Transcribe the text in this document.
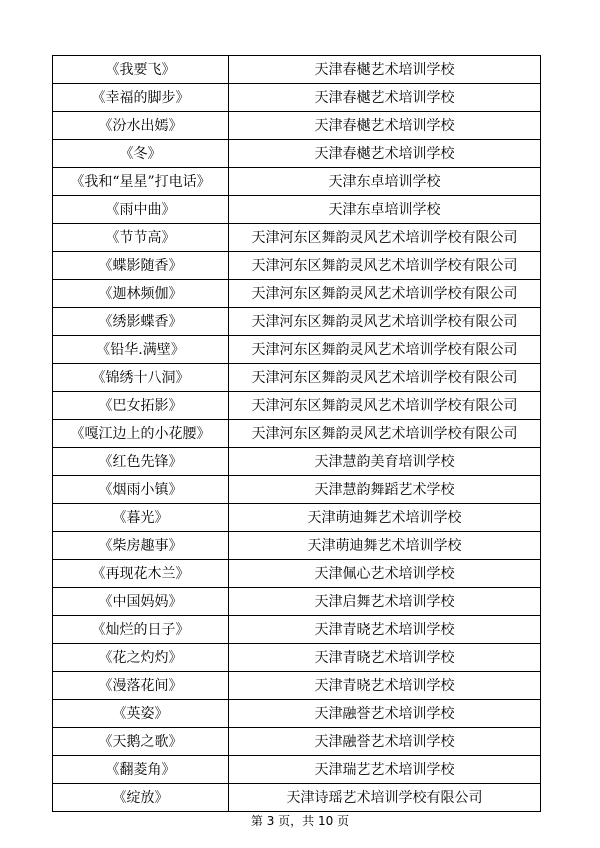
《我要飞》	天津春樾艺术培训学校
《幸福的脚步》	天津春樾艺术培训学校
《汾水出嫣》	天津春樾艺术培训学校
《冬》	天津春樾艺术培训学校
《我和“星星”打电话》	天津东卓培训学校
《雨中曲》	天津东卓培训学校
《节节高》	天津河东区舞韵灵风艺术培训学校有限公司
《蝶影随香》	天津河东区舞韵灵风艺术培训学校有限公司
《迦林频伽》	天津河东区舞韵灵风艺术培训学校有限公司
《绣影蝶香》	天津河东区舞韵灵风艺术培训学校有限公司
《铅华.满壁》	天津河东区舞韵灵风艺术培训学校有限公司
《锦绣十八洞》	天津河东区舞韵灵风艺术培训学校有限公司
《巴女拓影》	天津河东区舞韵灵风艺术培训学校有限公司
《嘎江边上的小花腰》	天津河东区舞韵灵风艺术培训学校有限公司
《红色先锋》	天津慧韵美育培训学校
《烟雨小镇》	天津慧韵舞蹈艺术学校
《暮光》	天津萌迪舞艺术培训学校
《柴房趣事》	天津萌迪舞艺术培训学校
《再现花木兰》	天津佩心艺术培训学校
《中国妈妈》	天津启舞艺术培训学校
《灿烂的日子》	天津青晓艺术培训学校
《花之灼灼》	天津青晓艺术培训学校
《漫落花间》	天津青晓艺术培训学校
《英姿》	天津融誉艺术培训学校
《天鹅之歌》	天津融誉艺术培训学校
《翻菱角》	天津瑞艺艺术培训学校
《绽放》	天津诗瑶艺术培训学校有限公司
第 3 页，共 10 页
